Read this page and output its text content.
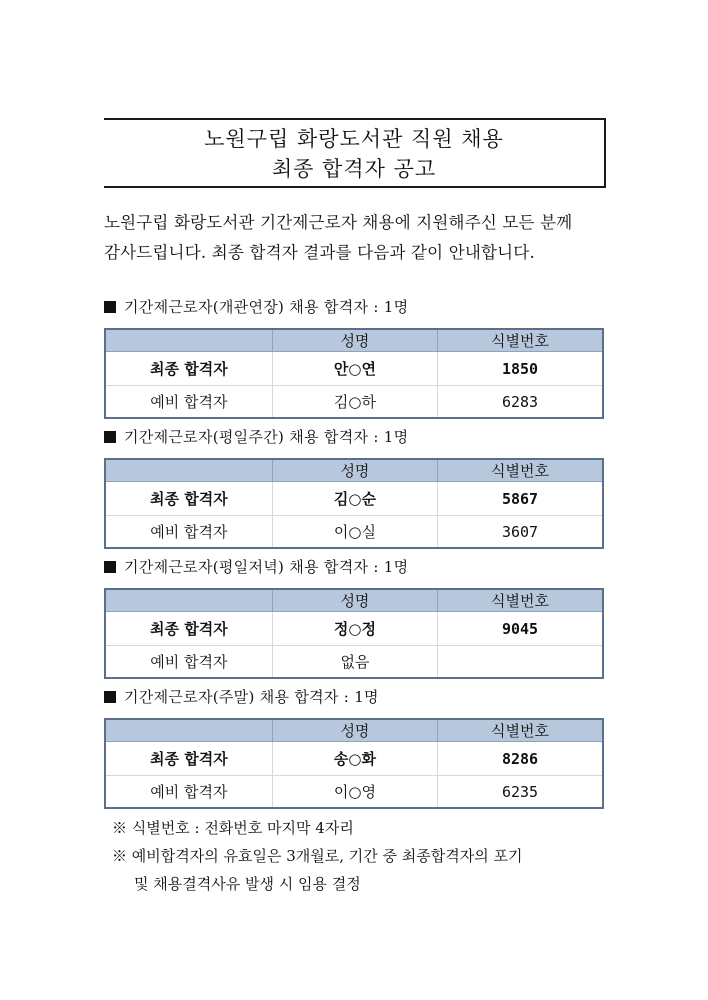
노원구립 화랑도서관 직원 채용
최종 합격자 공고
노원구립 화랑도서관 기간제근로자 채용에 지원해주신 모든 분께
감사드립니다. 최종 합격자 결과를 다음과 같이 안내합니다.
기간제근로자(개관연장) 채용 합격자 : 1명
	성명	식별번호
최종 합격자	안○연	1850
예비 합격자	김○하	6283
기간제근로자(평일주간) 채용 합격자 : 1명
	성명	식별번호
최종 합격자	김○순	5867
예비 합격자	이○실	3607
기간제근로자(평일저녁) 채용 합격자 : 1명
	성명	식별번호
최종 합격자	정○정	9045
예비 합격자	없음	
기간제근로자(주말) 채용 합격자 : 1명
	성명	식별번호
최종 합격자	송○화	8286
예비 합격자	이○영	6235
※ 식별번호 : 전화번호 마지막 4자리
※ 예비합격자의 유효일은 3개월로, 기간 중 최종합격자의 포기
및 채용결격사유 발생 시 임용 결정
